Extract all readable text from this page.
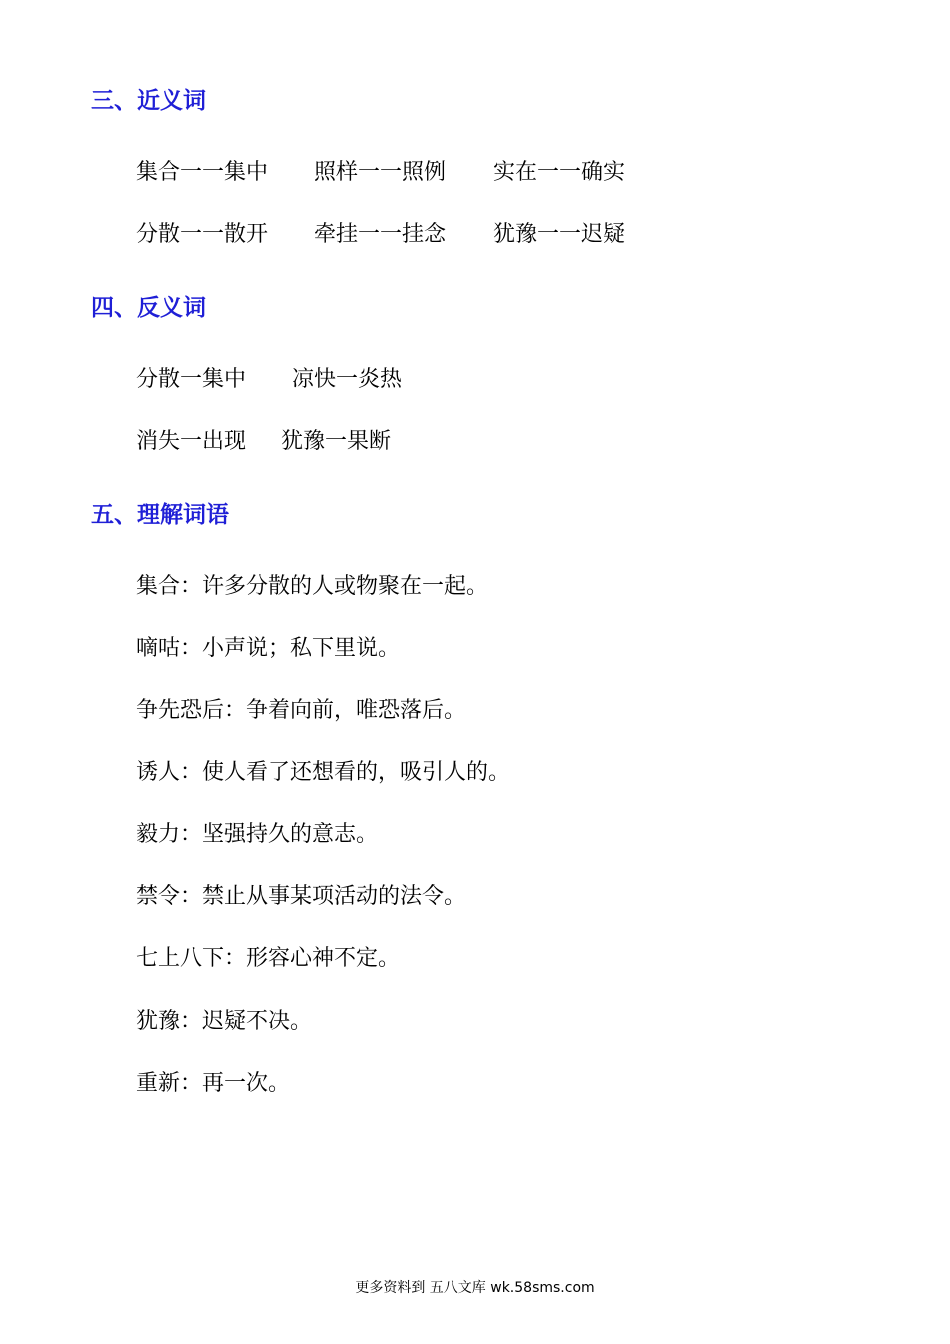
三、近义词
集合一一集中 照样一一照例 实在一一确实
分散一一散开 牵挂一一挂念 犹豫一一迟疑
四、反义词
分散一集中 凉快一炎热
消失一出现 犹豫一果断
五、理解词语
集合：许多分散的人或物聚在一起。
嘀咕：小声说；私下里说。
争先恐后：争着向前，唯恐落后。
诱人：使人看了还想看的，吸引人的。
毅力：坚强持久的意志。
禁令：禁止从事某项活动的法令。
七上八下：形容心神不定。
犹豫：迟疑不决。
重新：再一次。
更多资料到 五八文库 wk.58sms.com
